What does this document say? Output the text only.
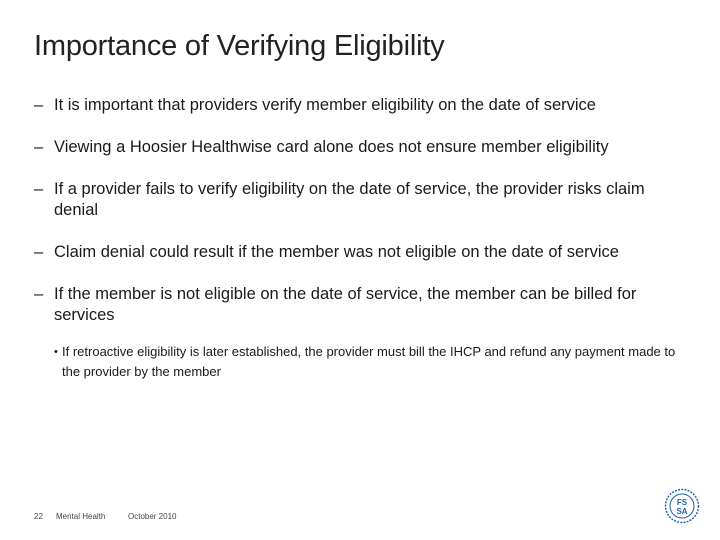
Importance of Verifying Eligibility
– It is important that providers verify member eligibility on the date of service
– Viewing a Hoosier Healthwise card alone does not ensure member eligibility
– If a provider fails to verify eligibility on the date of service, the provider risks claim denial
– Claim denial could result if the member was not eligible on the date of service
– If the member is not eligible on the date of service, the member can be billed for services
• If retroactive eligibility is later established, the provider must bill the IHCP and refund any payment made to the provider by the member
22 Mental Health	October 2010
FS
SA
